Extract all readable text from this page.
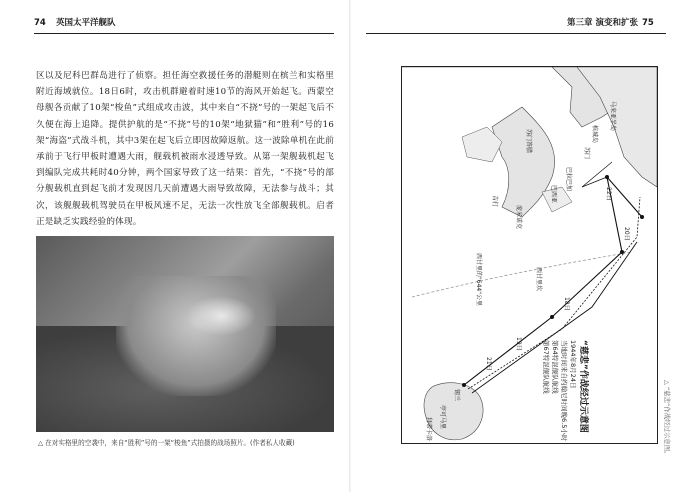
74 英国太平洋舰队
区以及尼科巴群岛进行了侦察。担任海空救援任务的潜艇则在槟兰和实格里附近海域就位。18日6时，攻击机群避着时速10节的海风开始起飞。西蒙空母舰各贡献了10架“梭鱼”式组成攻击波，其中来自“不挠”号的一架起飞后不久便在海上追降。提供护航的是“不挠”号的10架“地狱猫”和“胜利”号的16架“海盗”式战斗机，其中3架在起飞后立即因故障返航。这一波除单机在此前承前于飞行甲板时遭遇大雨，舰载机被雨水浸透导致。从第一架舰载机起飞到编队完成共耗时40分钟，两个国家导致了这一结果：首先，“不挠”号的部分舰载机直到起飞前才发现因几天前遭遇大雨导致故障，无法参与战斗；其次，该舰舰载机驾驶员在甲板风速不足，无法一次性放飞全部舰载机。启者正是缺乏实践经验的体现。
△ 在对实格里的空袭中，来自“胜利”号的一架“梭鱼”式拍摄的战场照片。(作者私人收藏)
第三章 演变和扩张 75
马来亚半岛
槟城岛
苏门答腊
巴拉巴加
巴西亚
庞米诺克
吉打
西甘里的"644"公里	西甘里坎
20日
18日
19日
21日
22日
锡兰
亭可马里
拜蒂卡洛
苏门
“慈悲”作战经过示意图
1944年8月24日
当地时间来自约翰尼时间晚6.5小时
第64特混舰队航线
第67特混舰队航线
△ “慈悲”作战经过示意图。
